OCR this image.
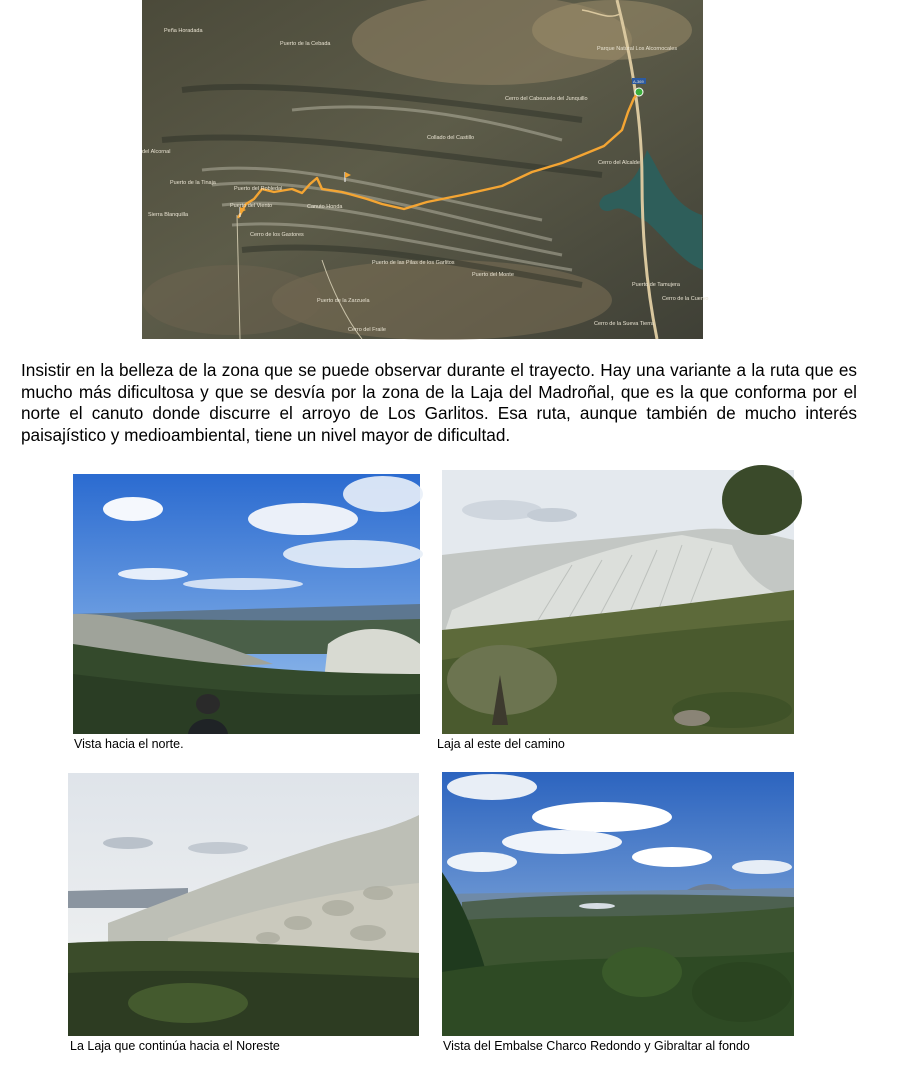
Peña Horadada
Puerto de la Cebada
Parque Natural Los Alcornocales
A-369
Cerro del Cabezuelo del Junquillo
Collado del Castillo
del Alcornal
Puerto de la Tinaja
Puerto del Robledal
Puerto del Viento	Canuto Honda
Sierra Blanquilla
Cerro de los Gastores
Cerro del Alcalde
Puerto de las Pilas de los Garlitos
Puerto del Monte
Puerto de Tamujera
Puerto de la Zarzuela
Cerro del Fraile
Cerro de la Cuervo
Cerro de la Sueva Tierra

Insistir en la belleza de la zona que se puede observar durante el trayecto. Hay una variante a la ruta que es mucho más dificultosa y que se desvía por la zona de la Laja del Madroñal, que es la que conforma por el norte el canuto donde discurre el arroyo de Los Garlitos. Esa ruta, aunque también de mucho interés paisajístico y medioambiental, tiene un nivel mayor de dificultad.

Vista hacia el norte.	Laja al este del camino
La Laja que continúa hacia el Noreste	Vista del Embalse Charco Redondo y Gibraltar al fondo
